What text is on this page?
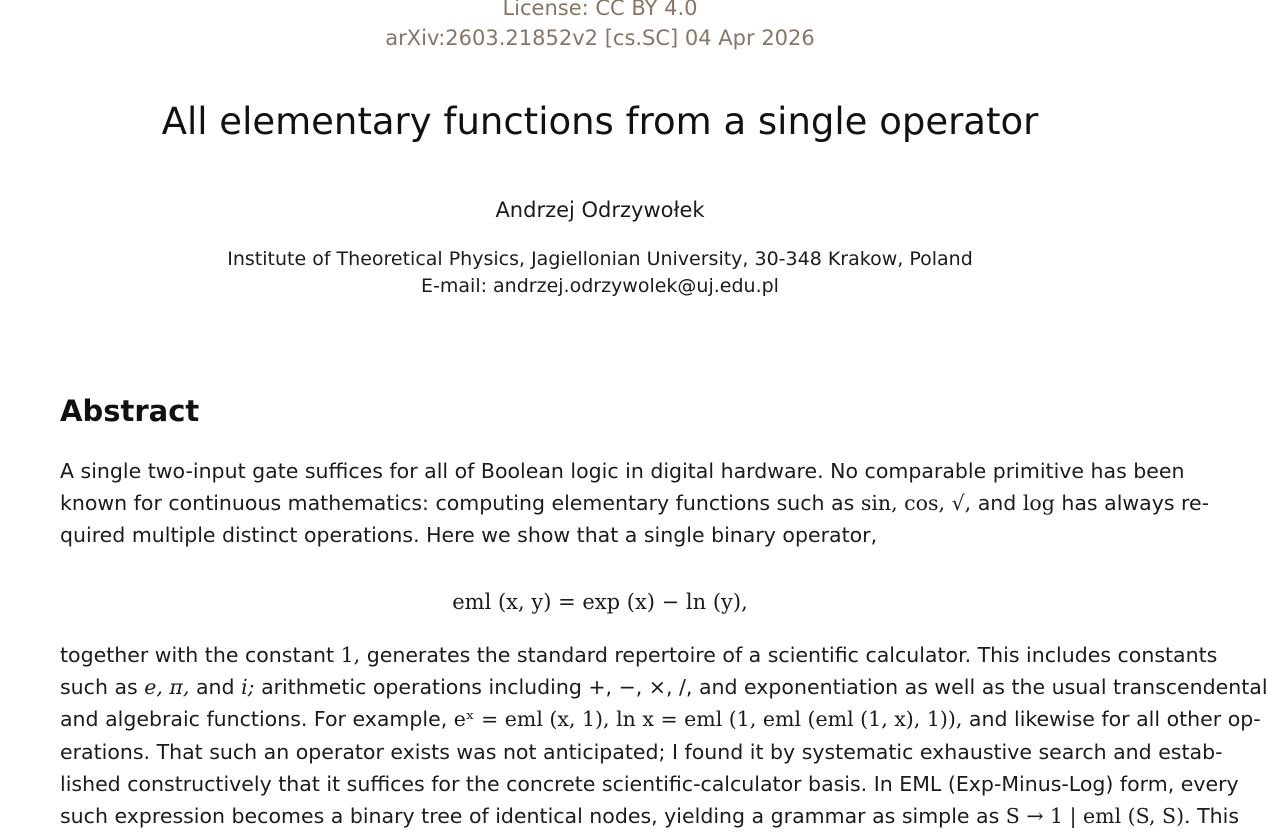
License: CC BY 4.0
arXiv:2603.21852v2 [cs.SC] 04 Apr 2026
All elementary functions from a single operator
Andrzej Odrzywołek
Institute of Theoretical Physics, Jagiellonian University, 30-348 Krakow, Poland
E-mail: andrzej.odrzywolek@uj.edu.pl
Abstract
A single two-input gate suffices for all of Boolean logic in digital hardware. No comparable primitive has been
known for continuous mathematics: computing elementary functions such as sin, cos, √, and log has always re-
quired multiple distinct operations. Here we show that a single binary operator,
eml (x, y) = exp (x) − ln (y),
together with the constant 1, generates the standard repertoire of a scientific calculator. This includes constants
such as e, π, and i; arithmetic operations including +, −, ×, /, and exponentiation as well as the usual transcendental
and algebraic functions. For example, eˣ = eml (x, 1), ln x = eml (1, eml (eml (1, x), 1)), and likewise for all other op-
erations. That such an operator exists was not anticipated; I found it by systematic exhaustive search and estab-
lished constructively that it suffices for the concrete scientific-calculator basis. In EML (Exp-Minus-Log) form, every
such expression becomes a binary tree of identical nodes, yielding a grammar as simple as S → 1 | eml (S, S). This
